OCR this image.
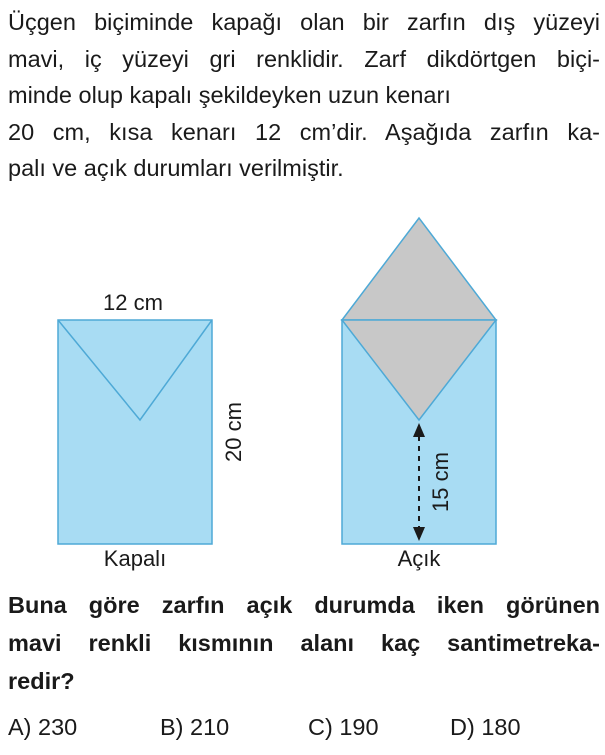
Üçgen biçiminde kapağı olan bir zarfın dış yüzeyi
mavi, iç yüzeyi gri renklidir. Zarf dikdörtgen biçi-
minde olup kapalı şekildeyken uzun kenarı
20 cm, kısa kenarı 12 cm’dir. Aşağıda zarfın ka-
palı ve açık durumları verilmiştir.
12 cm
20 cm
Kapalı
15 cm
Açık
Buna göre zarfın açık durumda iken görünen
mavi renkli kısmının alanı kaç santimetreka-
redir?
A) 230	B) 210	C) 190	D) 180
